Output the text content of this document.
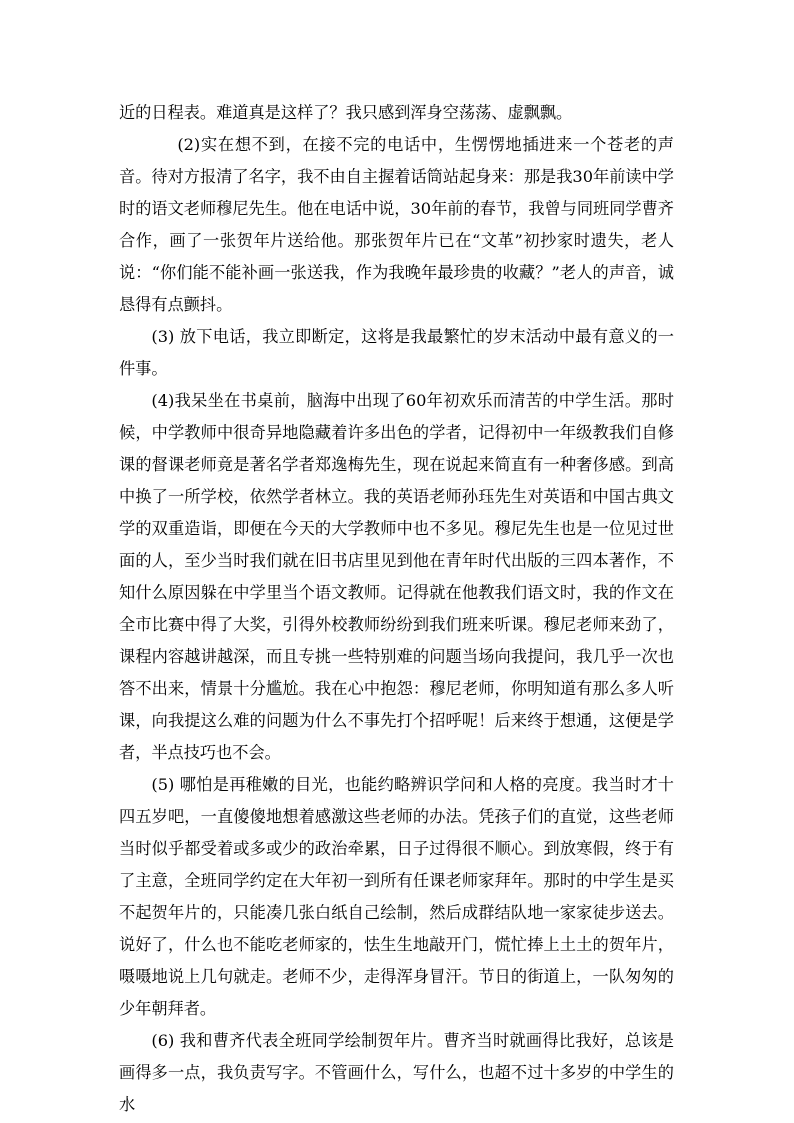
近的日程表。难道真是这样了？我只感到浑身空荡荡、虚飘飘。

(2)实在想不到，在接不完的电话中，生愣愣地插进来一个苍老的声音。待对方报清了名字，我不由自主握着话筒站起身来：那是我30年前读中学时的语文老师穆尼先生。他在电话中说，30年前的春节，我曾与同班同学曹齐合作，画了一张贺年片送给他。那张贺年片已在“文革”初抄家时遗失，老人说：“你们能不能补画一张送我，作为我晚年最珍贵的收藏？”老人的声音，诚恳得有点颤抖。

(3) 放下电话，我立即断定，这将是我最繁忙的岁末活动中最有意义的一件事。

(4)我呆坐在书桌前，脑海中出现了60年初欢乐而清苦的中学生活。那时候，中学教师中很奇异地隐藏着许多出色的学者，记得初中一年级教我们自修课的督课老师竟是著名学者郑逸梅先生，现在说起来简直有一种奢侈感。到高中换了一所学校，依然学者林立。我的英语老师孙珏先生对英语和中国古典文学的双重造诣，即便在今天的大学教师中也不多见。穆尼先生也是一位见过世面的人，至少当时我们就在旧书店里见到他在青年时代出版的三四本著作，不知什么原因躲在中学里当个语文教师。记得就在他教我们语文时，我的作文在全市比赛中得了大奖，引得外校教师纷纷到我们班来听课。穆尼老师来劲了，课程内容越讲越深，而且专挑一些特别难的问题当场向我提问，我几乎一次也答不出来，情景十分尴尬。我在心中抱怨：穆尼老师，你明知道有那么多人听课，向我提这么难的问题为什么不事先打个招呼呢！后来终于想通，这便是学者，半点技巧也不会。

(5) 哪怕是再稚嫩的目光，也能约略辨识学问和人格的亮度。我当时才十四五岁吧，一直傻傻地想着感激这些老师的办法。凭孩子们的直觉，这些老师当时似乎都受着或多或少的政治牵累，日子过得很不顺心。到放寒假，终于有了主意，全班同学约定在大年初一到所有任课老师家拜年。那时的中学生是买不起贺年片的，只能凑几张白纸自己绘制，然后成群结队地一家家徒步送去。说好了，什么也不能吃老师家的，怯生生地敲开门，慌忙捧上土土的贺年片，嗫嗫地说上几句就走。老师不少，走得浑身冒汗。节日的街道上，一队匆匆的少年朝拜者。

(6) 我和曹齐代表全班同学绘制贺年片。曹齐当时就画得比我好，总该是画得多一点，我负责写字。不管画什么，写什么，也超不过十多岁的中学生的水
